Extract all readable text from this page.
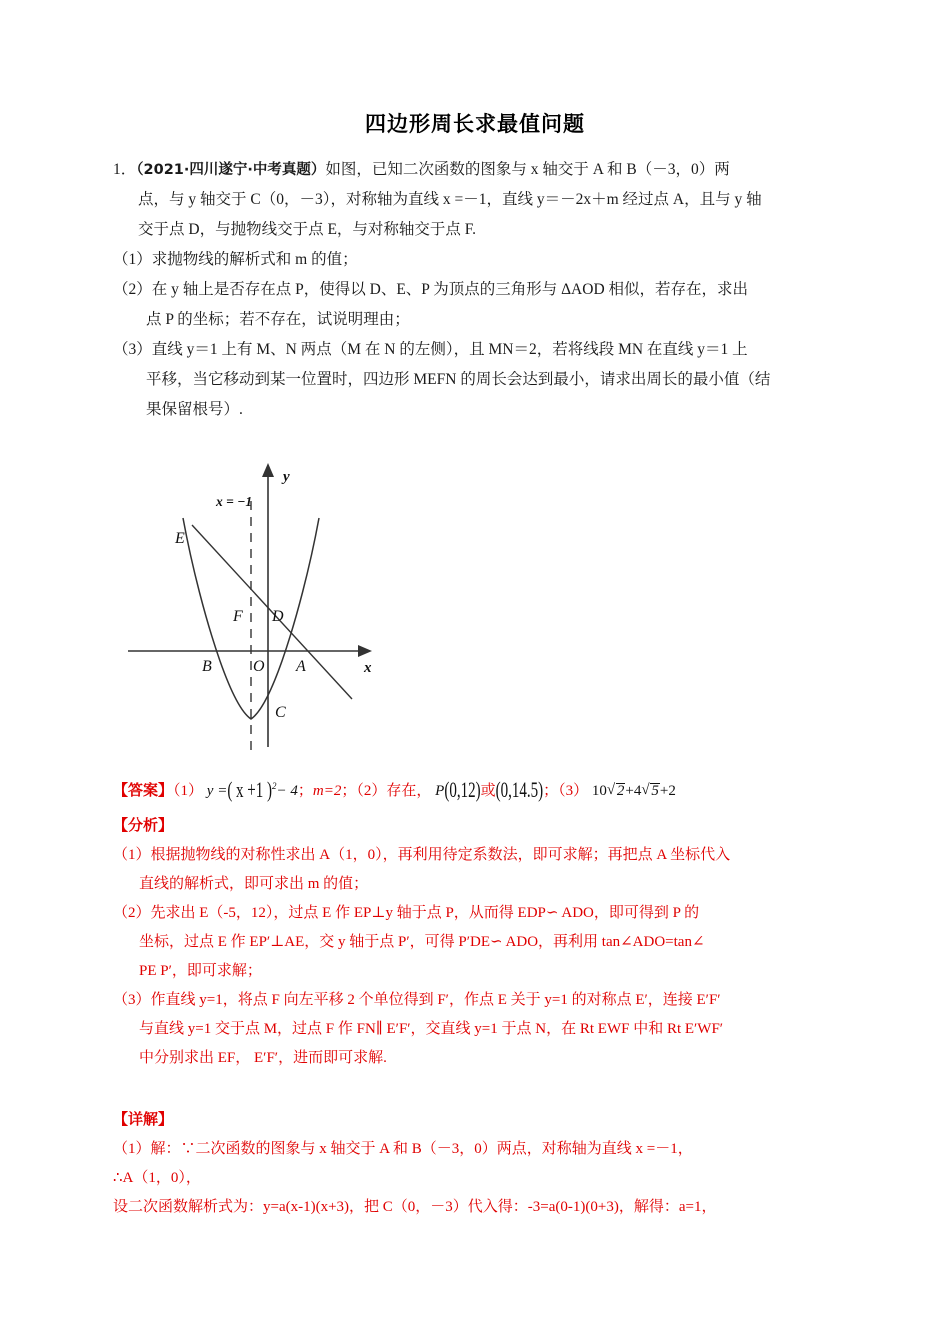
四边形周长求最值问题
1．（2021·四川遂宁·中考真题）如图，已知二次函数的图象与 x 轴交于 A 和 B（－3，0）两
点，与 y 轴交于 C（0，－3），对称轴为直线 x =－1，直线 y＝－2x＋m 经过点 A，且与 y 轴
交于点 D，与抛物线交于点 E，与对称轴交于点 F.
（1）求抛物线的解析式和 m 的值；
（2）在 y 轴上是否存在点 P，使得以 D、E、P 为顶点的三角形与 ΔAOD 相似，若存在，求出
点 P 的坐标；若不存在，试说明理由；
（3）直线 y＝1 上有 M、N 两点（M 在 N 的左侧），且 MN＝2，若将线段 MN 在直线 y＝1 上
平移，当它移动到某一位置时，四边形 MEFN 的周长会达到最小，请求出周长的最小值（结
果保留根号）.
y
x
x = −1
E
F D
B	O A
C
【答案】（1） y =( x +1 )$^2$− 4；m=2；（2）存在， P(0,12)或(0,14.5)；（3） 10 √ 2+4 √ 5+2
【分析】
（1）根据抛物线的对称性求出 A（1，0），再利用待定系数法，即可求解；再把点 A 坐标代入
直线的解析式，即可求出 m 的值；
（2）先求出 E（-5，12），过点 E 作 EP⊥y 轴于点 P，从而得 EDP∽ ADO，即可得到 P 的
坐标，过点 E 作 EP′⊥AE，交 y 轴于点 P′，可得 P′DE∽ ADO，再利用 tan∠ADO=tan∠
PE P′，即可求解；
（3）作直线 y=1，将点 F 向左平移 2 个单位得到 F′，作点 E 关于 y=1 的对称点 E′，连接 E′F′
与直线 y=1 交于点 M，过点 F 作 FN∥ E′F′，交直线 y=1 于点 N，在 Rt EWF 中和 Rt E′WF′
中分别求出 EF， E′F′，进而即可求解.
【详解】
（1）解：∵二次函数的图象与 x 轴交于 A 和 B（－3，0）两点，对称轴为直线 x =－1，
∴A（1，0），
设二次函数解析式为：y=a(x-1)(x+3)，把 C（0，－3）代入得：-3=a(0-1)(0+3)，解得：a=1，
